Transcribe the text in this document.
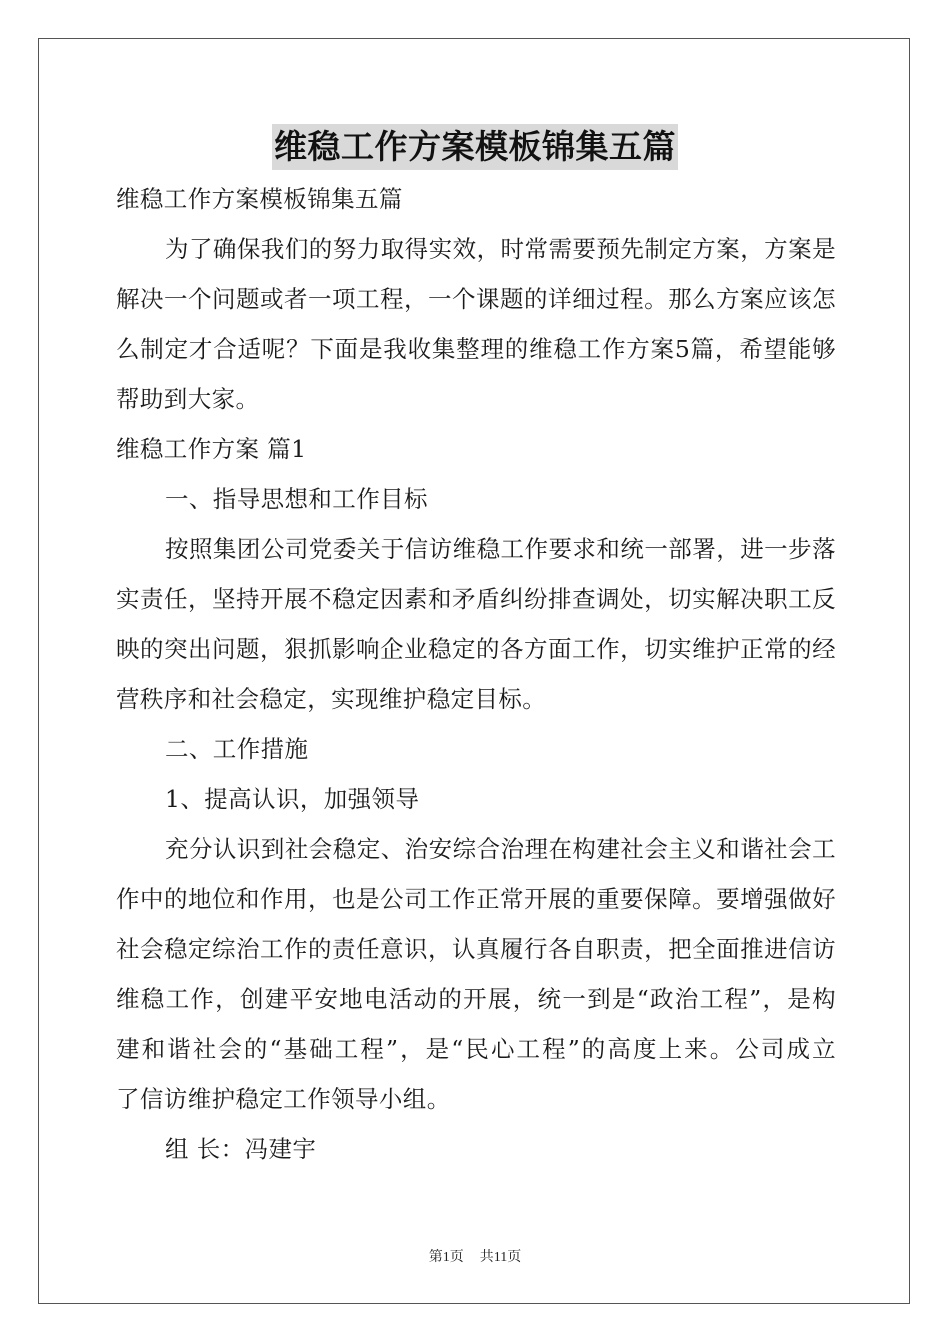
维稳工作方案模板锦集五篇
维稳工作方案模板锦集五篇
为了确保我们的努力取得实效，时常需要预先制定方案，方案是
解决一个问题或者一项工程，一个课题的详细过程。那么方案应该怎
么制定才合适呢？下面是我收集整理的维稳工作方案5篇，希望能够
帮助到大家。
维稳工作方案 篇1
一、指导思想和工作目标
按照集团公司党委关于信访维稳工作要求和统一部署，进一步落
实责任，坚持开展不稳定因素和矛盾纠纷排查调处，切实解决职工反
映的突出问题，狠抓影响企业稳定的各方面工作，切实维护正常的经
营秩序和社会稳定，实现维护稳定目标。
二、工作措施
1、提高认识，加强领导
充分认识到社会稳定、治安综合治理在构建社会主义和谐社会工
作中的地位和作用，也是公司工作正常开展的重要保障。要增强做好
社会稳定综治工作的责任意识，认真履行各自职责，把全面推进信访
维稳工作，创建平安地电活动的开展，统一到是“政治工程”，是构
建和谐社会的“基础工程”，是“民心工程”的高度上来。公司成立
了信访维护稳定工作领导小组。
组 长：冯建宇
第1页 共11页
